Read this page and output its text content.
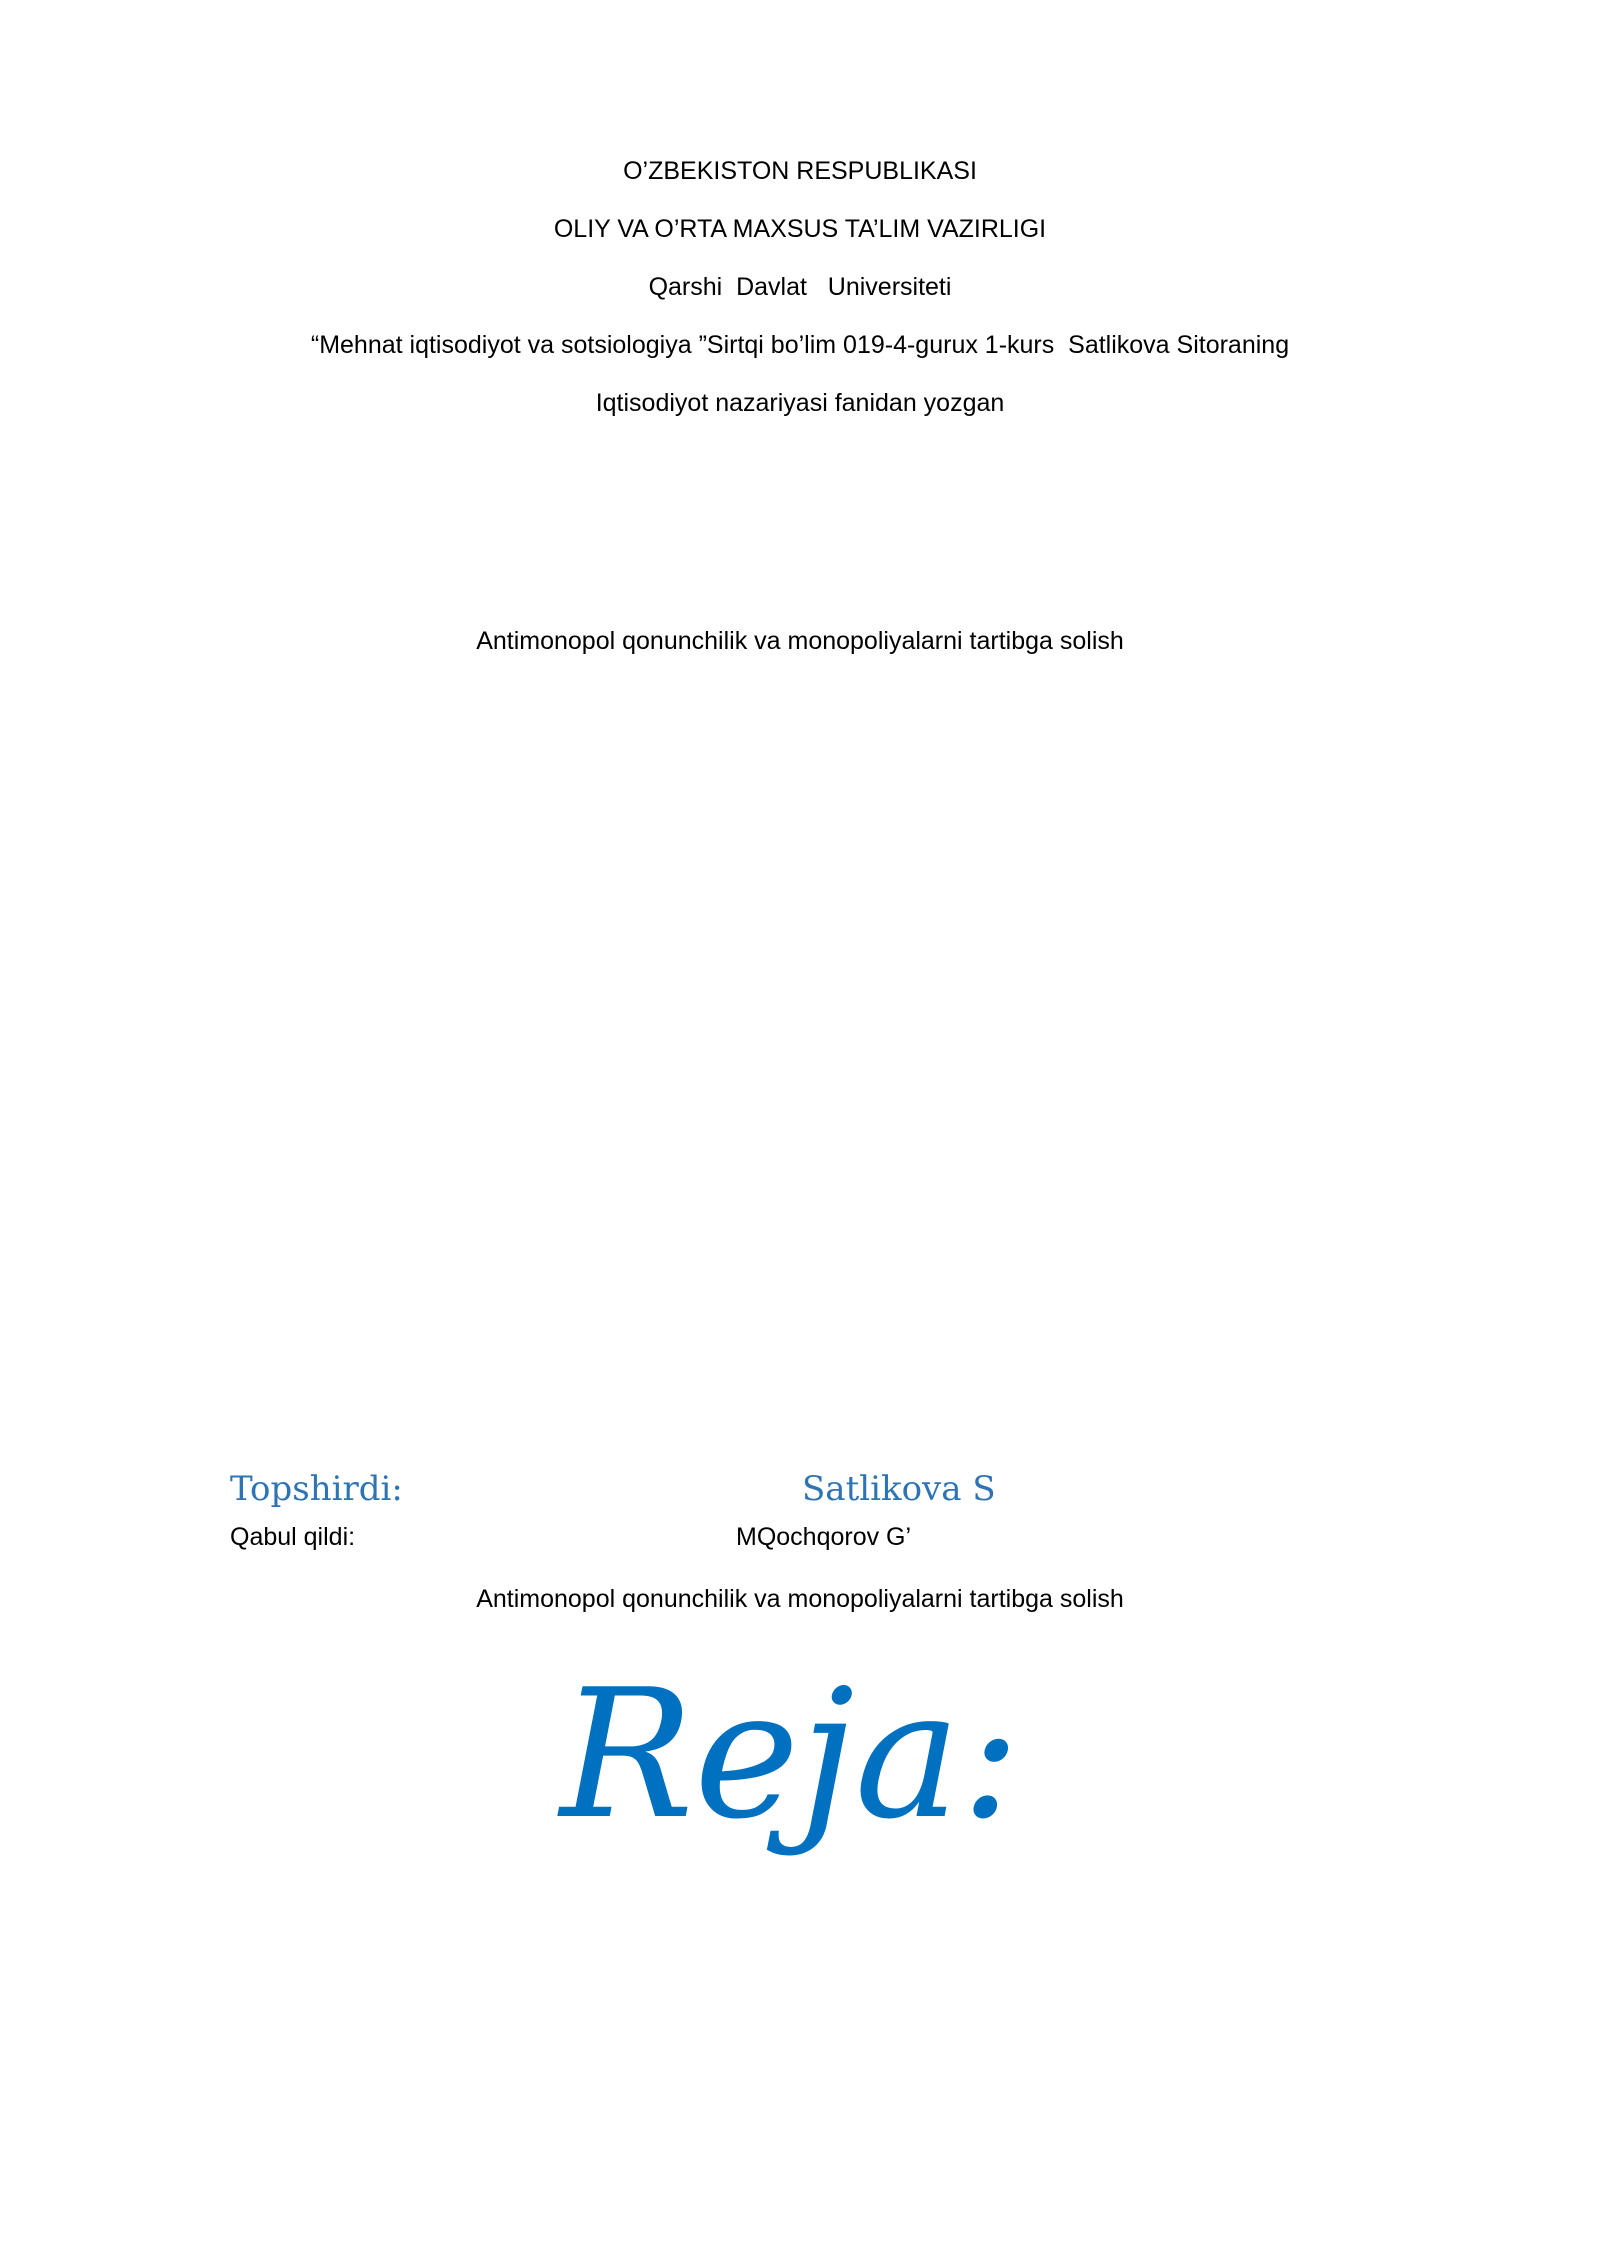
O’ZBEKISTON RESPUBLIKASI
OLIY VA O’RTA MAXSUS TA’LIM VAZIRLIGI
Qarshi  Davlat   Universiteti
“Mehnat iqtisodiyot va sotsiologiya ”Sirtqi bo’lim 019-4-gurux 1-kurs  Satlikova Sitoraning
Iqtisodiyot nazariyasi fanidan yozgan
Antimonopol qonunchilik va monopoliyalarni tartibga solish
Topshirdi:	Satlikova S
Qabul qildi:	MQochqorov G’
Antimonopol qonunchilik va monopoliyalarni tartibga solish
Reja:
